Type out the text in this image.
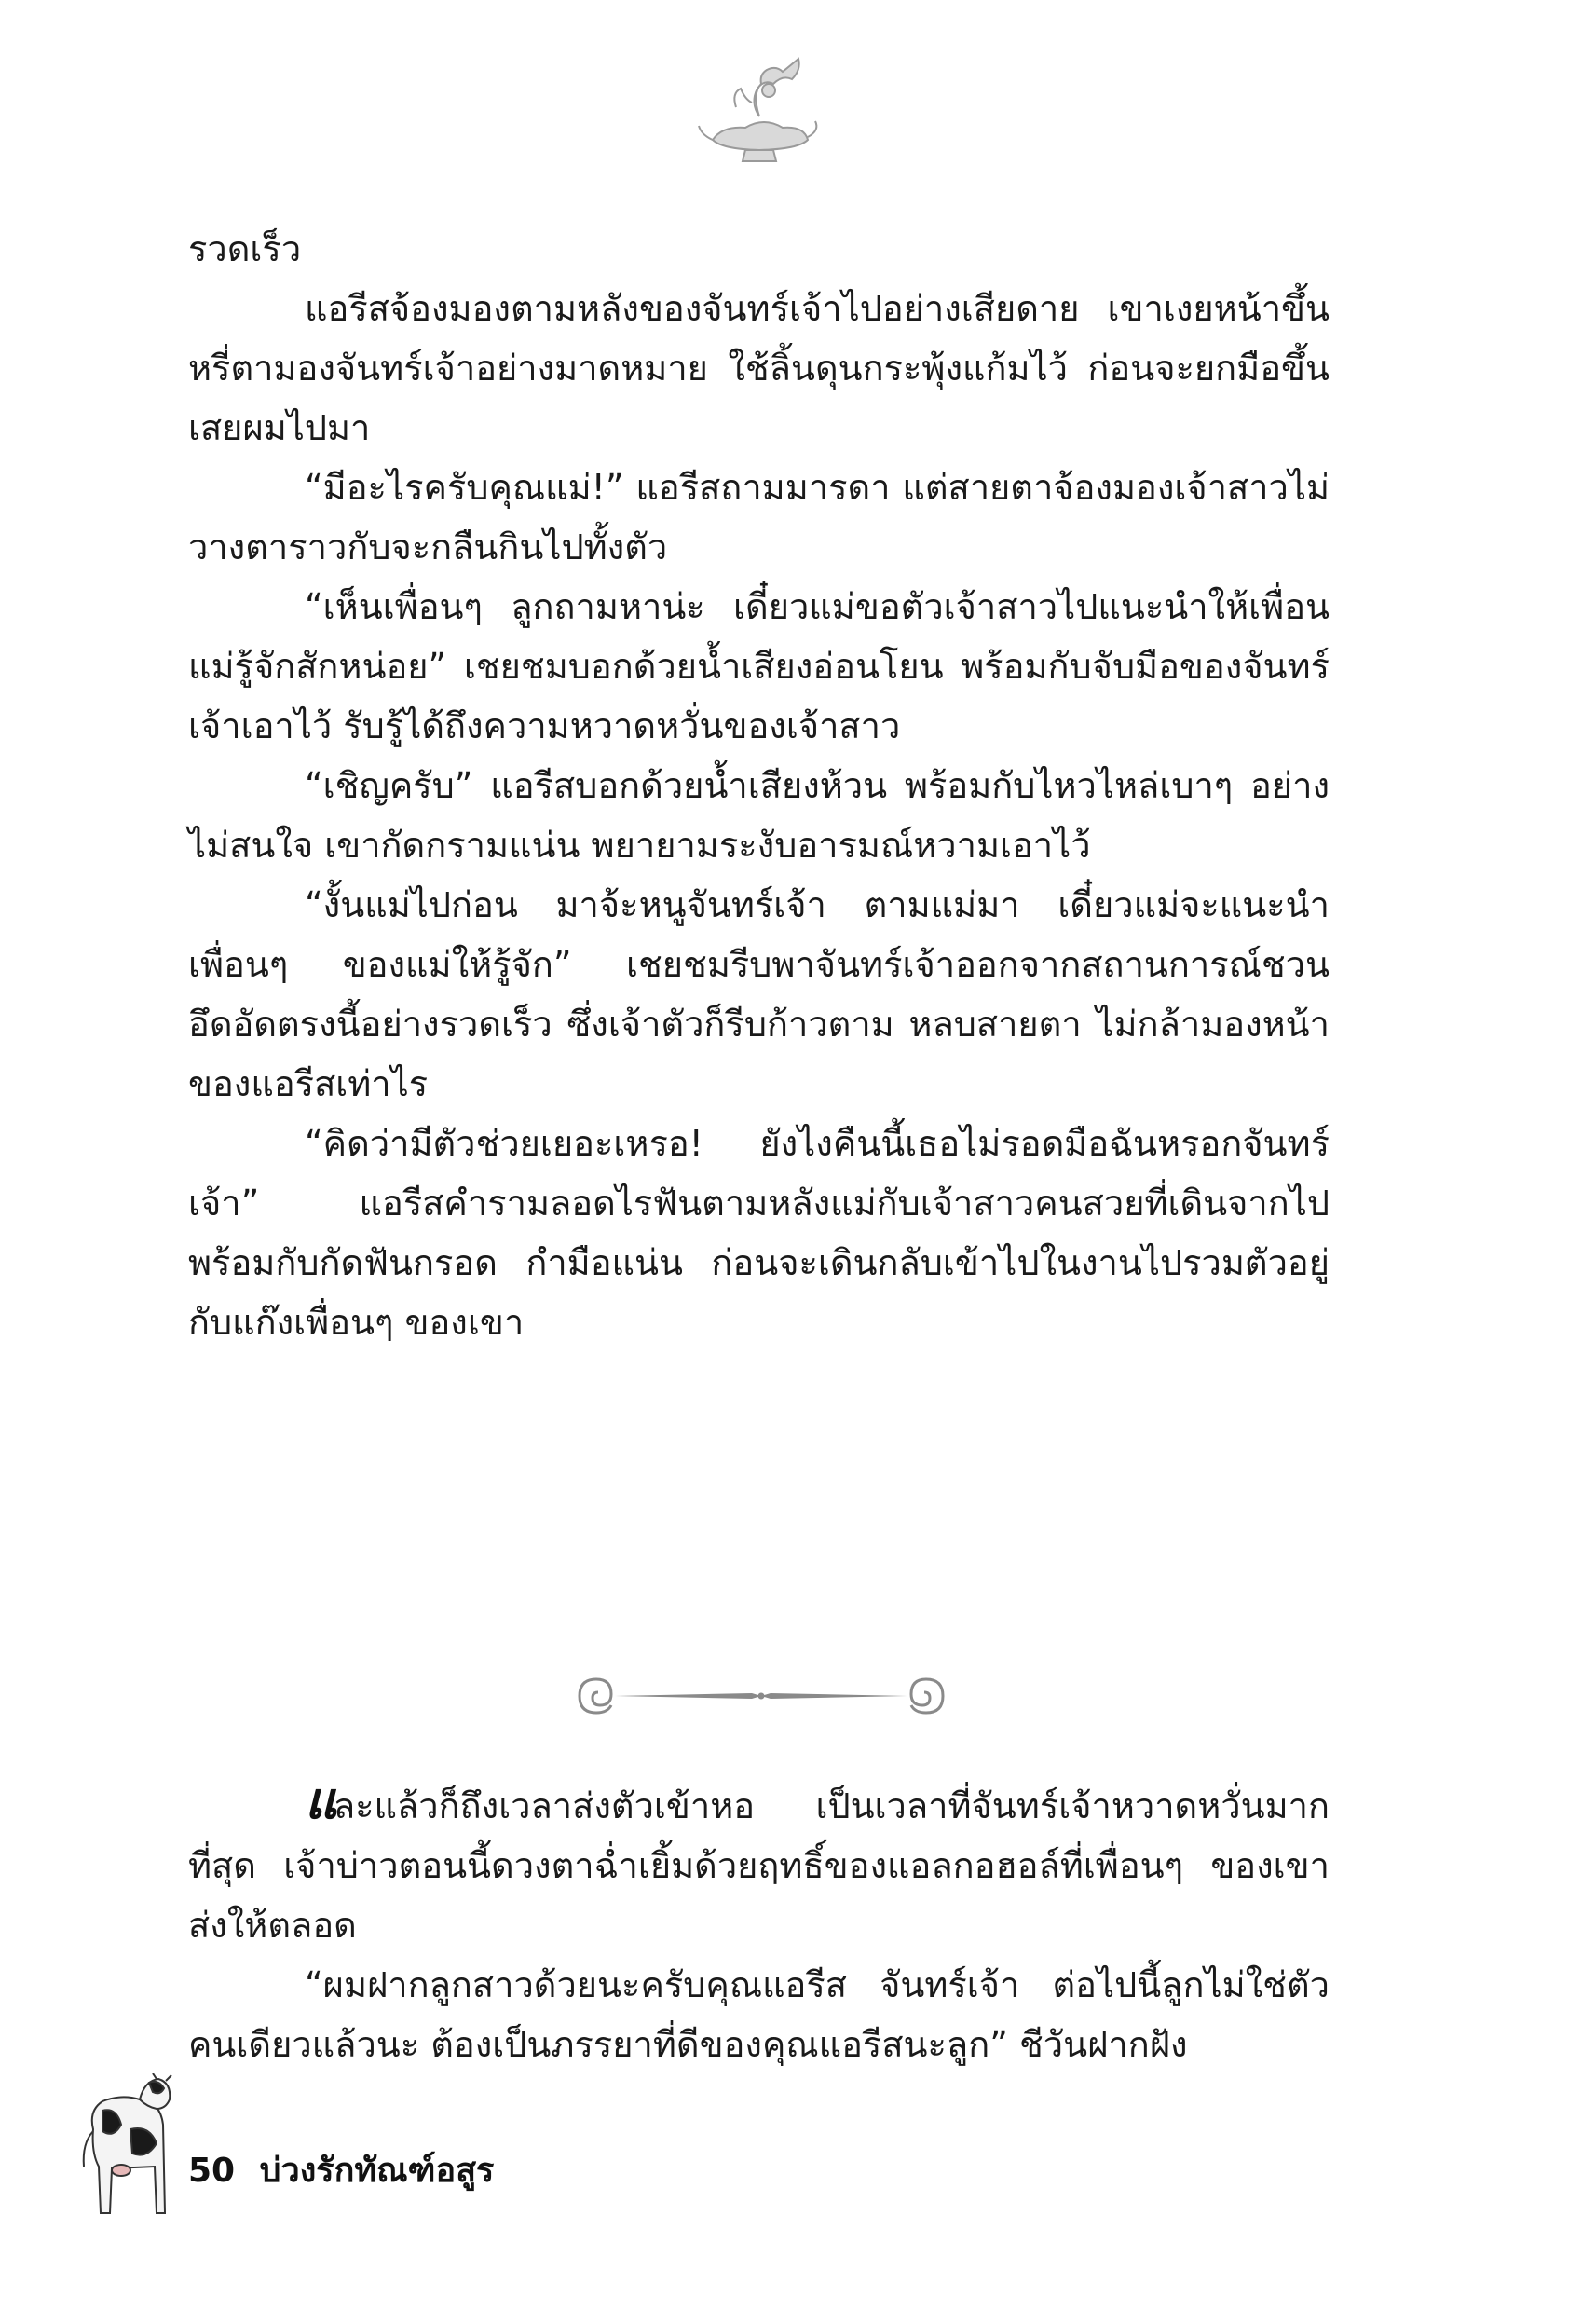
รวดเร็ว

แอรีสจ้องมองตามหลังของจันทร์เจ้าไปอย่างเสียดาย เขาเงยหน้าขึ้นหรี่ตามองจันทร์เจ้าอย่างมาดหมาย ใช้ลิ้นดุนกระพุ้งแก้มไว้ ก่อนจะยกมือขึ้นเสยผมไปมา

“มีอะไรครับคุณแม่!” แอรีสถามมารดา แต่สายตาจ้องมองเจ้าสาวไม่วางตาราวกับจะกลืนกินไปทั้งตัว

“เห็นเพื่อนๆ ลูกถามหาน่ะ เดี๋ยวแม่ขอตัวเจ้าสาวไปแนะนำให้เพื่อนแม่รู้จักสักหน่อย” เชยชมบอกด้วยน้ำเสียงอ่อนโยน พร้อมกับจับมือของจันทร์เจ้าเอาไว้ รับรู้ได้ถึงความหวาดหวั่นของเจ้าสาว

“เชิญครับ” แอรีสบอกด้วยน้ำเสียงห้วน พร้อมกับไหวไหล่เบาๆ อย่างไม่สนใจ เขากัดกรามแน่น พยายามระงับอารมณ์หวามเอาไว้

“งั้นแม่ไปก่อน มาจ้ะหนูจันทร์เจ้า ตามแม่มา เดี๋ยวแม่จะแนะนำเพื่อนๆ ของแม่ให้รู้จัก” เชยชมรีบพาจันทร์เจ้าออกจากสถานการณ์ชวนอึดอัดตรงนี้อย่างรวดเร็ว ซึ่งเจ้าตัวก็รีบก้าวตาม หลบสายตา ไม่กล้ามองหน้าของแอรีสเท่าไร

“คิดว่ามีตัวช่วยเยอะเหรอ! ยังไงคืนนี้เธอไม่รอดมือฉันหรอกจันทร์เจ้า” แอรีสคำรามลอดไรฟันตามหลังแม่กับเจ้าสาวคนสวยที่เดินจากไป พร้อมกับกัดฟันกรอด กำมือแน่น ก่อนจะเดินกลับเข้าไปในงานไปรวมตัวอยู่กับแก๊งเพื่อนๆ ของเขา

และแล้วก็ถึงเวลาส่งตัวเข้าหอ เป็นเวลาที่จันทร์เจ้าหวาดหวั่นมากที่สุด เจ้าบ่าวตอนนี้ดวงตาฉ่ำเยิ้มด้วยฤทธิ์ของแอลกอฮอล์ที่เพื่อนๆ ของเขาส่งให้ตลอด

“ผมฝากลูกสาวด้วยนะครับคุณแอรีส จันทร์เจ้า ต่อไปนี้ลูกไม่ใช่ตัวคนเดียวแล้วนะ ต้องเป็นภรรยาที่ดีของคุณแอรีสนะลูก” ชีวันฝากฝัง

50 บ่วงรักทัณฑ์อสูร
